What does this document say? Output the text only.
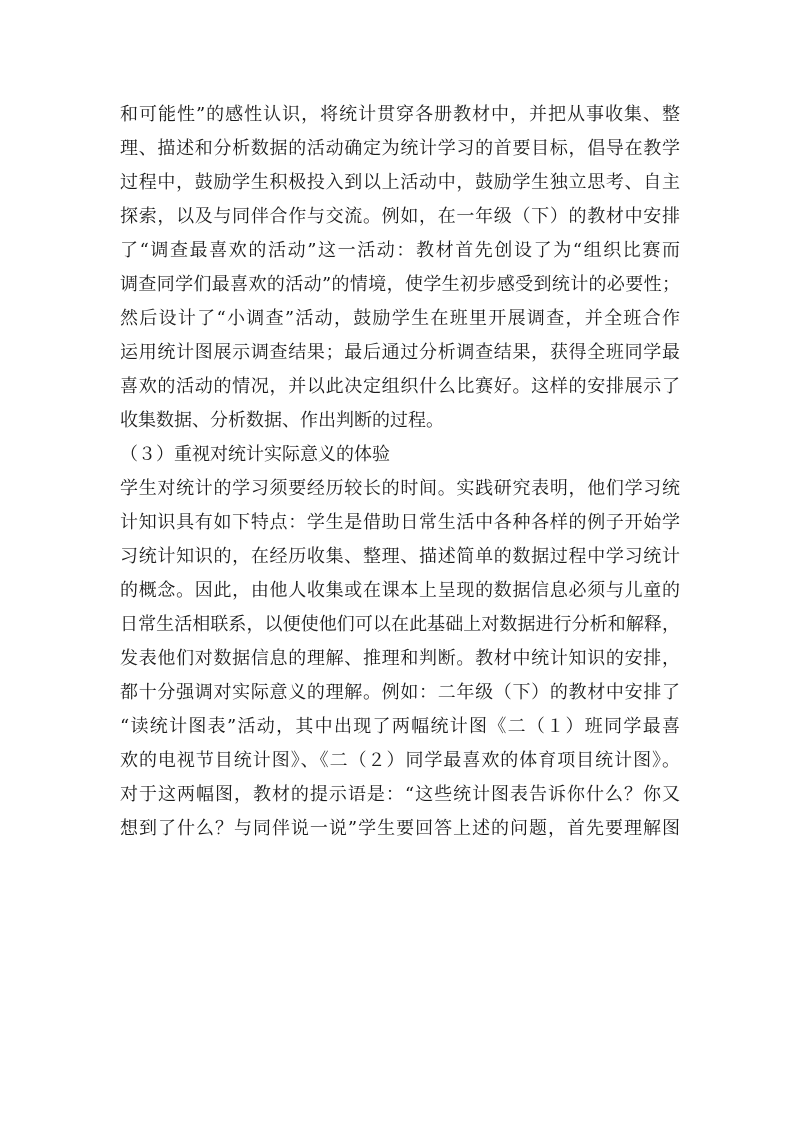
和可能性”的感性认识，将统计贯穿各册教材中，并把从事收集、整
理、描述和分析数据的活动确定为统计学习的首要目标，倡导在教学
过程中，鼓励学生积极投入到以上活动中，鼓励学生独立思考、自主
探索，以及与同伴合作与交流。例如，在一年级（下）的教材中安排
了“调查最喜欢的活动”这一活动：教材首先创设了为“组织比赛而
调查同学们最喜欢的活动”的情境，使学生初步感受到统计的必要性；
然后设计了“小调查”活动，鼓励学生在班里开展调查，并全班合作
运用统计图展示调查结果；最后通过分析调查结果，获得全班同学最
喜欢的活动的情况，并以此决定组织什么比赛好。这样的安排展示了
收集数据、分析数据、作出判断的过程。
（３）重视对统计实际意义的体验
学生对统计的学习须要经历较长的时间。实践研究表明，他们学习统
计知识具有如下特点：学生是借助日常生活中各种各样的例子开始学
习统计知识的，在经历收集、整理、描述简单的数据过程中学习统计
的概念。因此，由他人收集或在课本上呈现的数据信息必须与儿童的
日常生活相联系，以便使他们可以在此基础上对数据进行分析和解释，
发表他们对数据信息的理解、推理和判断。教材中统计知识的安排，
都十分强调对实际意义的理解。例如：二年级（下）的教材中安排了
“读统计图表”活动，其中出现了两幅统计图《二（１）班同学最喜
欢的电视节目统计图》、《二（２）同学最喜欢的体育项目统计图》。
对于这两幅图，教材的提示语是：“这些统计图表告诉你什么？你又
想到了什么？与同伴说一说”学生要回答上述的问题，首先要理解图
